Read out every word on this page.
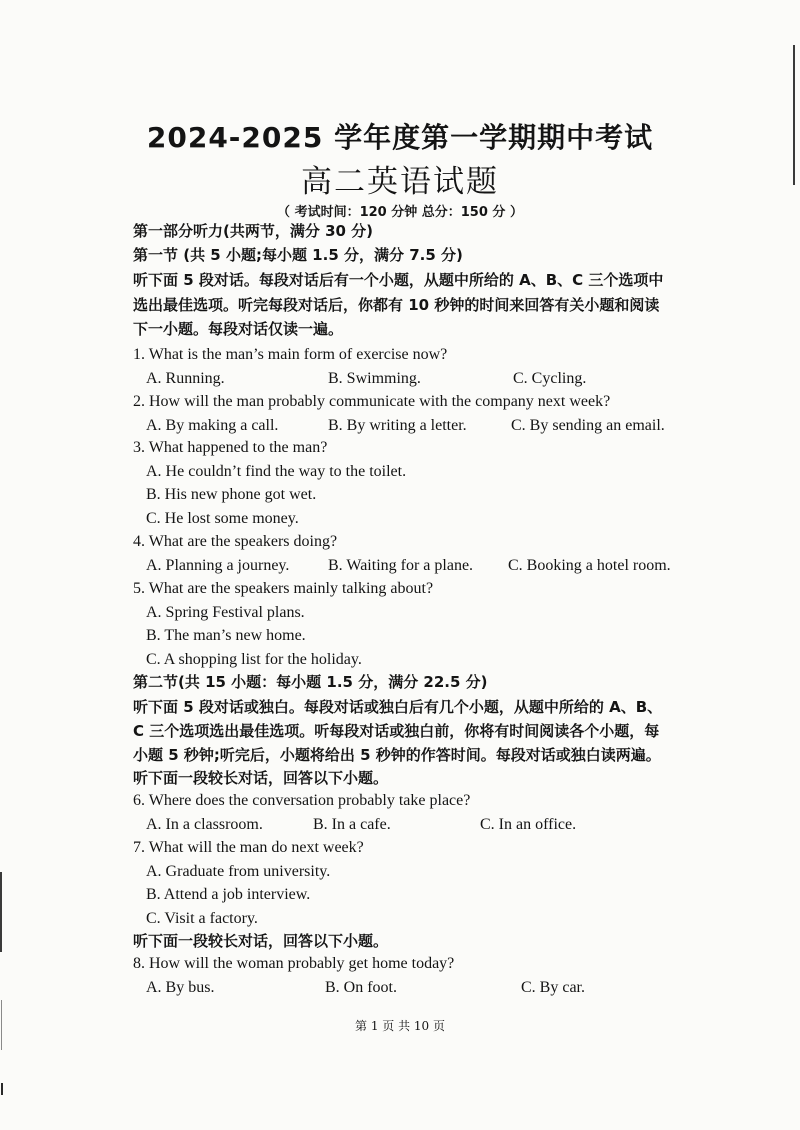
2024-2025 学年度第一学期期中考试
高二英语试题
（ 考试时间：120 分钟 总分：150 分 ）
第一部分听力(共两节，满分 30 分)
第一节 (共 5 小题;每小题 1.5 分，满分 7.5 分)
听下面 5 段对话。每段对话后有一个小题，从题中所给的 A、B、C 三个选项中
选出最佳选项。听完每段对话后，你都有 10 秒钟的时间来回答有关小题和阅读
下一小题。每段对话仅读一遍。
1. What is the man’s main form of exercise now?
A. Running.	B. Swimming.	C. Cycling.
2. How will the man probably communicate with the company next week?
A. By making a call.	B. By writing a letter.	C. By sending an email.
3. What happened to the man?
A. He couldn’t find the way to the toilet.
B. His new phone got wet.
C. He lost some money.
4. What are the speakers doing?
A. Planning a journey. B. Waiting for a plane. C. Booking a hotel room.
5. What are the speakers mainly talking about?
A. Spring Festival plans.
B. The man’s new home.
C. A shopping list for the holiday.
第二节(共 15 小题：每小题 1.5 分，满分 22.5 分)
听下面 5 段对话或独白。每段对话或独白后有几个小题，从题中所给的 A、B、
C 三个选项选出最佳选项。听每段对话或独白前，你将有时间阅读各个小题，每
小题 5 秒钟;听完后，小题将给出 5 秒钟的作答时间。每段对话或独白读两遍。
听下面一段较长对话，回答以下小题。
6. Where does the conversation probably take place?
A. In a classroom.	B. In a cafe.	C. In an office.
7. What will the man do next week?
A. Graduate from university.
B. Attend a job interview.
C. Visit a factory.
听下面一段较长对话，回答以下小题。
8. How will the woman probably get home today?
A. By bus.	B. On foot.	C. By car.
第 1 页 共 10 页
